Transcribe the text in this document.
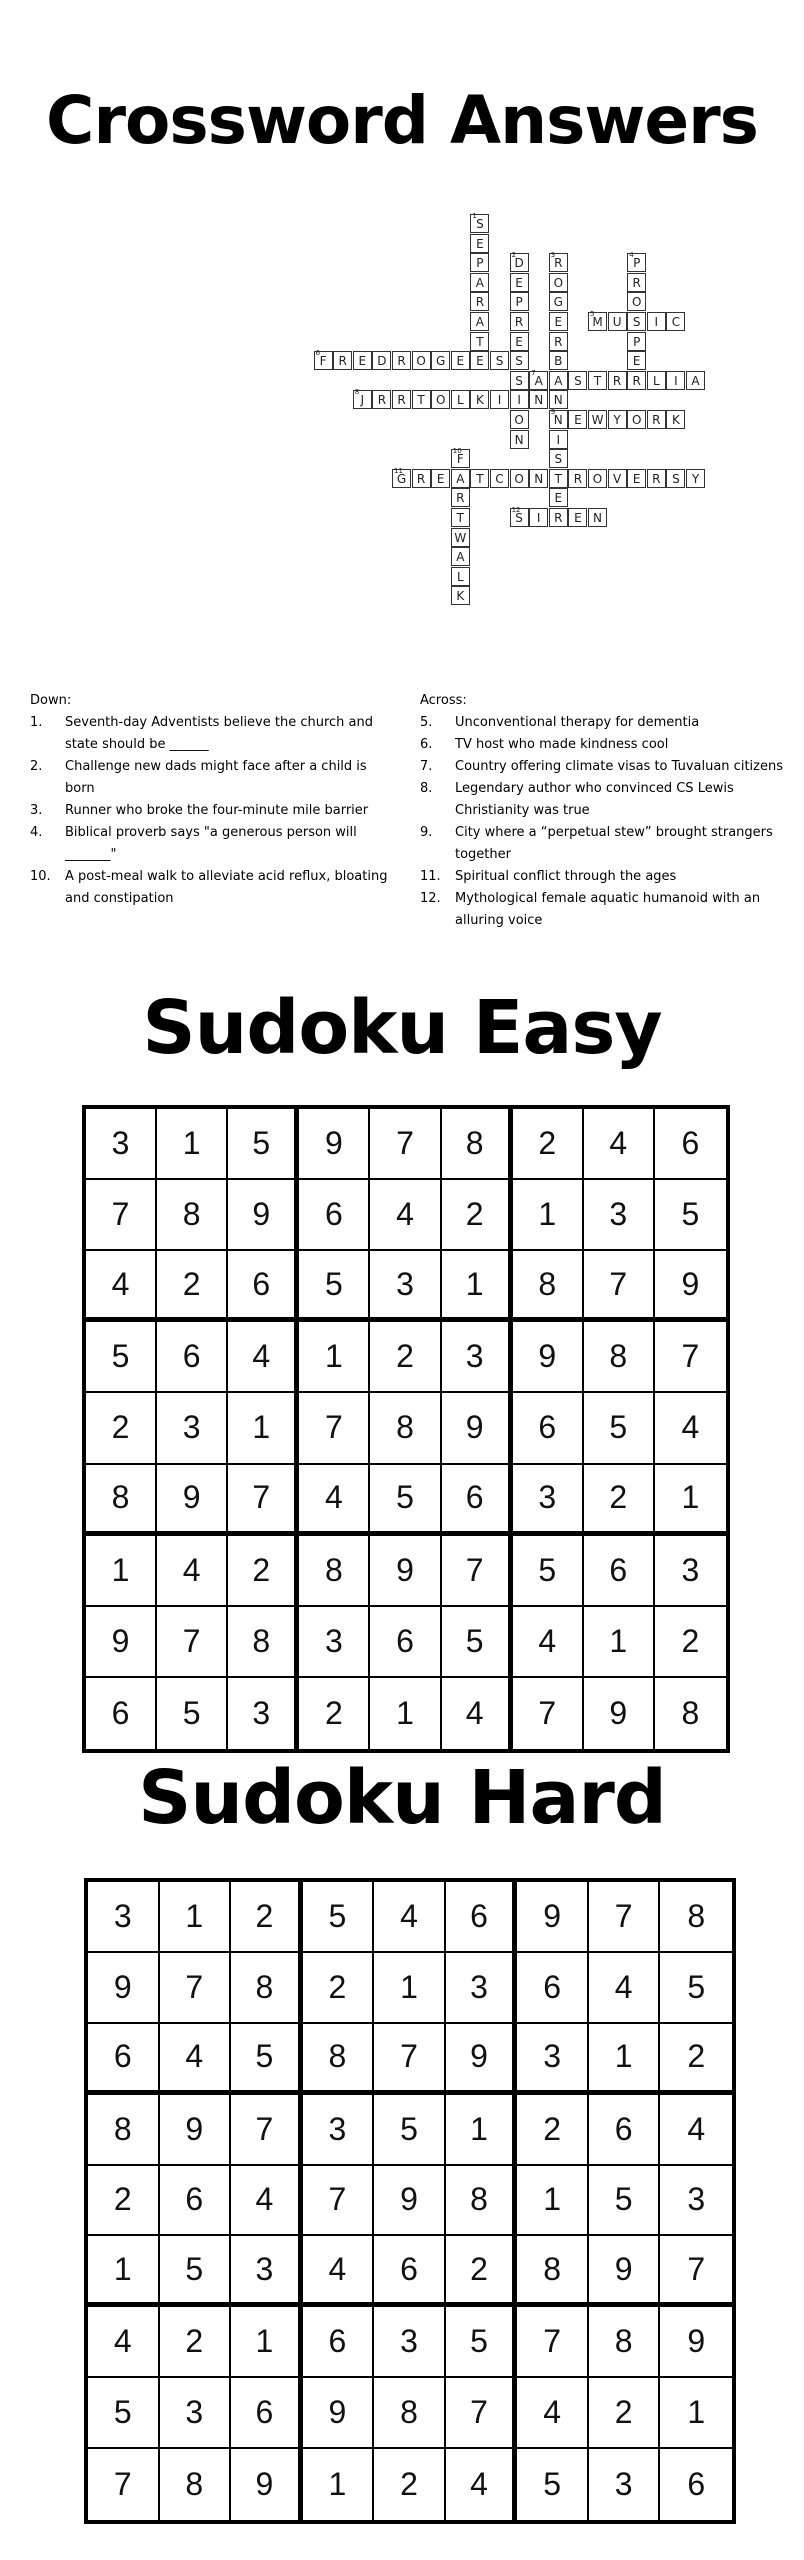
Crossword Answers
1
S
E
P
A
R
A
T
E
2
D
E
P
R
E
S
S
I
O
N
3
R
O
G
E
R
B
A
N
9
N
I
S
T
E
R
4
P
R
O
S
P
E
R
5
M U	I	C
6
F R E D R O G E	S
7
A	S	T R	L	I	A
8
J	R R T O L	K	I	N
E W Y O R K
10
F
A
R
T
W
A
L
K
11
G R E	T C O N	R O V E R S	Y
12
S	I	E N
Down:
1. Seventh-day Adventists believe the church and state should be ______
2. Challenge new dads might face after a child is born
3. Runner who broke the four-minute mile barrier
4. Biblical proverb says "a generous person will _______"
10. A post-meal walk to alleviate acid reflux, bloating and constipation
Across:
5. Unconventional therapy for dementia
6. TV host who made kindness cool
7. Country offering climate visas to Tuvaluan citizens
8. Legendary author who convinced CS Lewis Christianity was true
9. City where a “perpetual stew” brought strangers together
11. Spiritual conflict through the ages
12. Mythological female aquatic humanoid with an alluring voice
Sudoku Easy
3	1	5	9	7	8	2	4	6
7	8	9	6	4	2	1	3	5
4	2	6	5	3	1	8	7	9
5	6	4	1	2	3	9	8	7
2	3	1	7	8	9	6	5	4
8	9	7	4	5	6	3	2	1
1	4	2	8	9	7	5	6	3
9	7	8	3	6	5	4	1	2
6	5	3	2	1	4	7	9	8
Sudoku Hard
3	1	2	5	4	6	9	7	8
9	7	8	2	1	3	6	4	5
6	4	5	8	7	9	3	1	2
8	9	7	3	5	1	2	6	4
2	6	4	7	9	8	1	5	3
1	5	3	4	6	2	8	9	7
4	2	1	6	3	5	7	8	9
5	3	6	9	8	7	4	2	1
7	8	9	1	2	4	5	3	6
